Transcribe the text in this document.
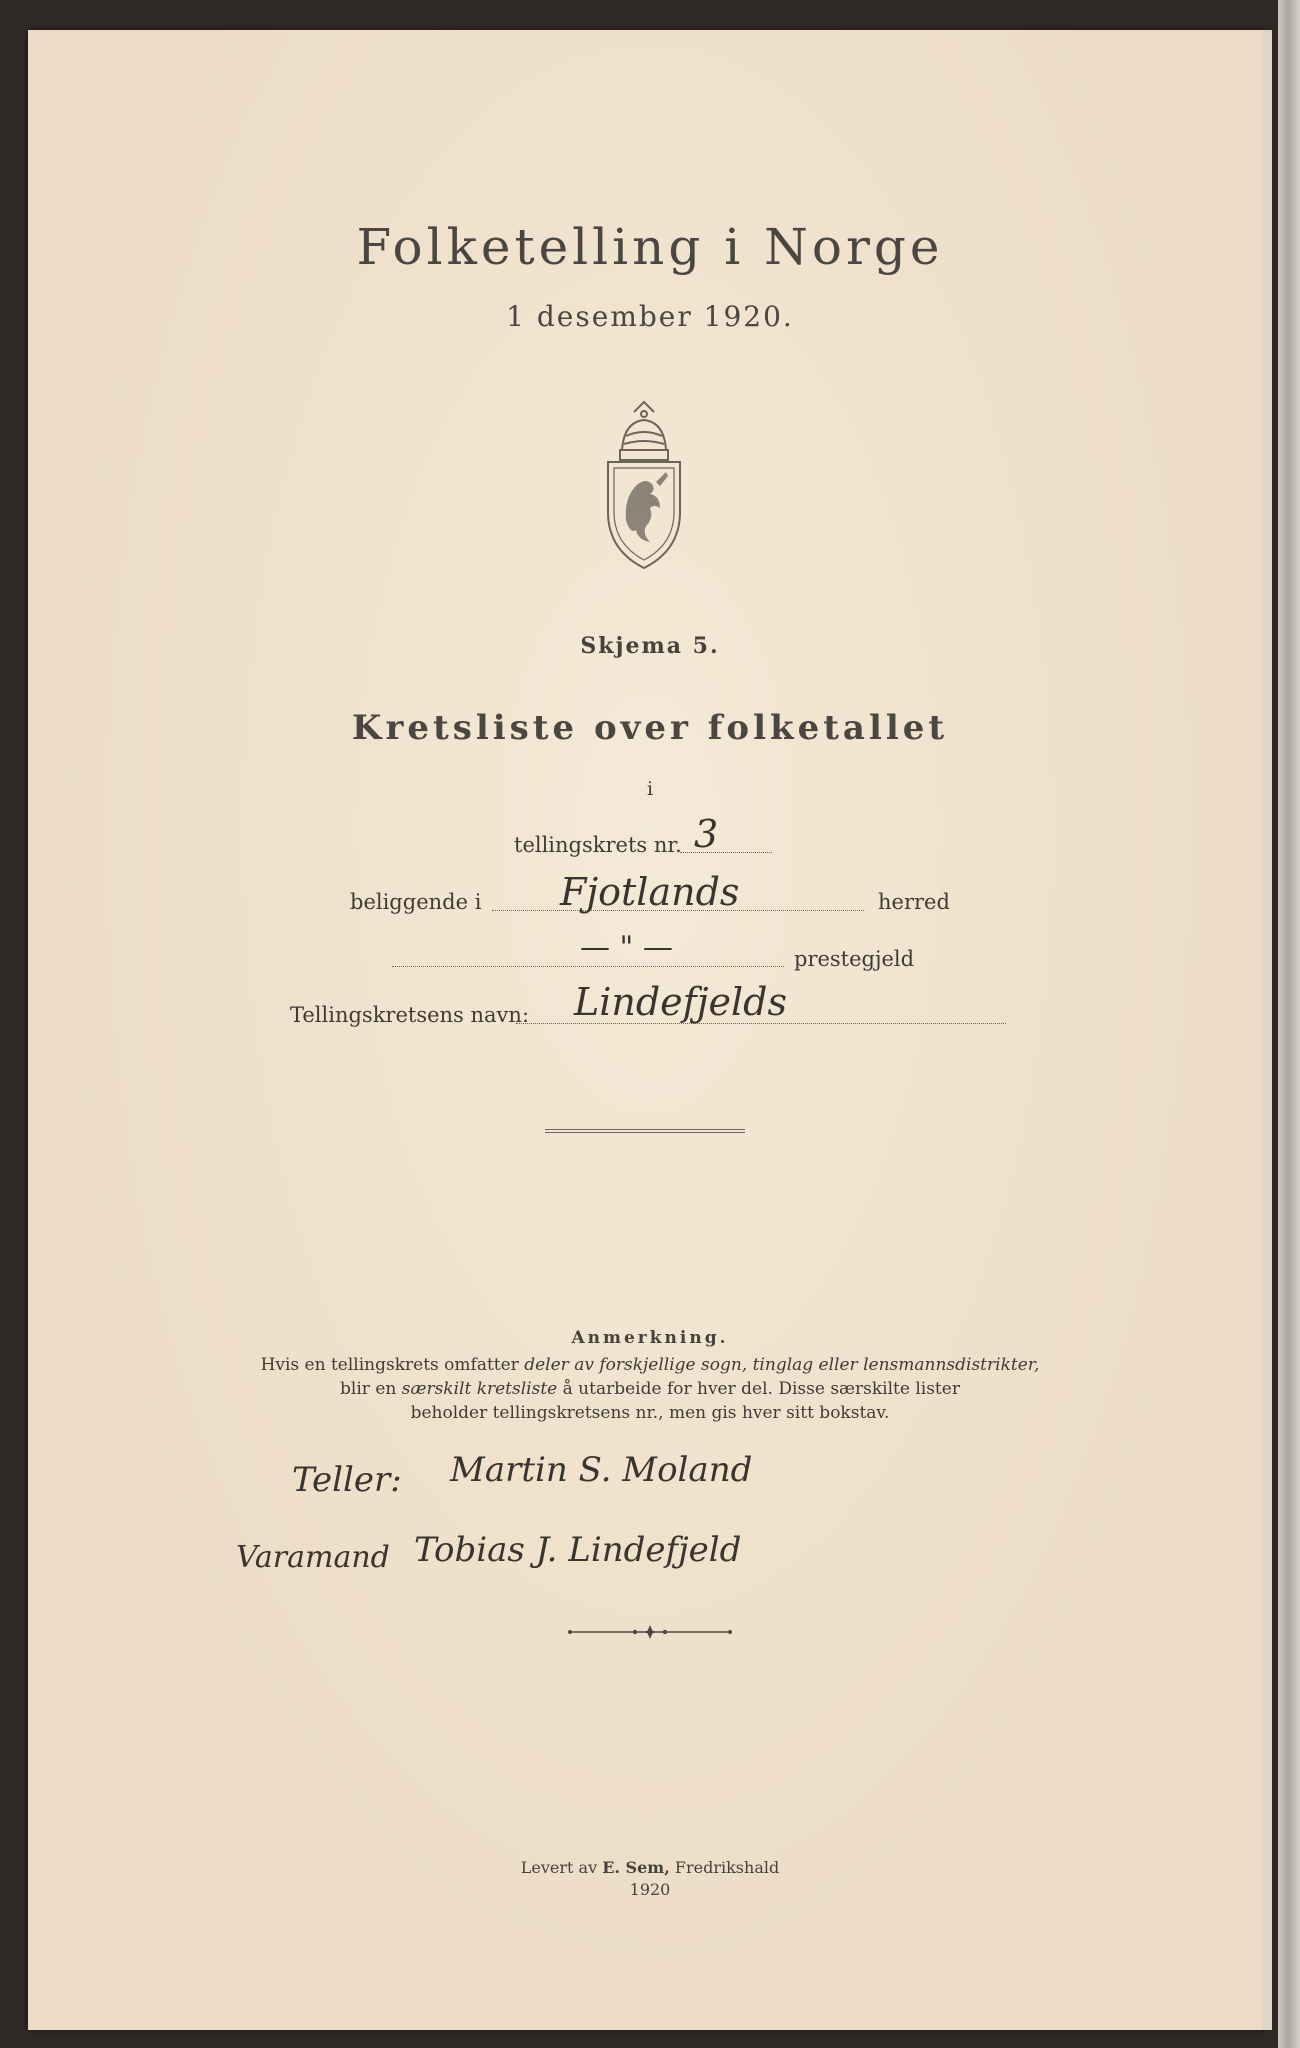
Folketelling i Norge
1 desember 1920.
Skjema 5.
Kretsliste over folketallet
i
tellingskrets nr. 3
beliggende i Fjotlands	herred
— " —	prestegjeld
Tellingskretsens navn: Lindefjelds
Anmerkning.
Hvis en tellingskrets omfatter deler av forskjellige sogn, tinglag eller lensmannsdistrikter,
blir en særskilt kretsliste å utarbeide for hver del. Disse særskilte lister
beholder tellingskretsens nr., men gis hver sitt bokstav.
Teller: Martin S. Moland
Varamand Tobias J. Lindefjeld
Levert av E. Sem, Fredrikshald
1920
